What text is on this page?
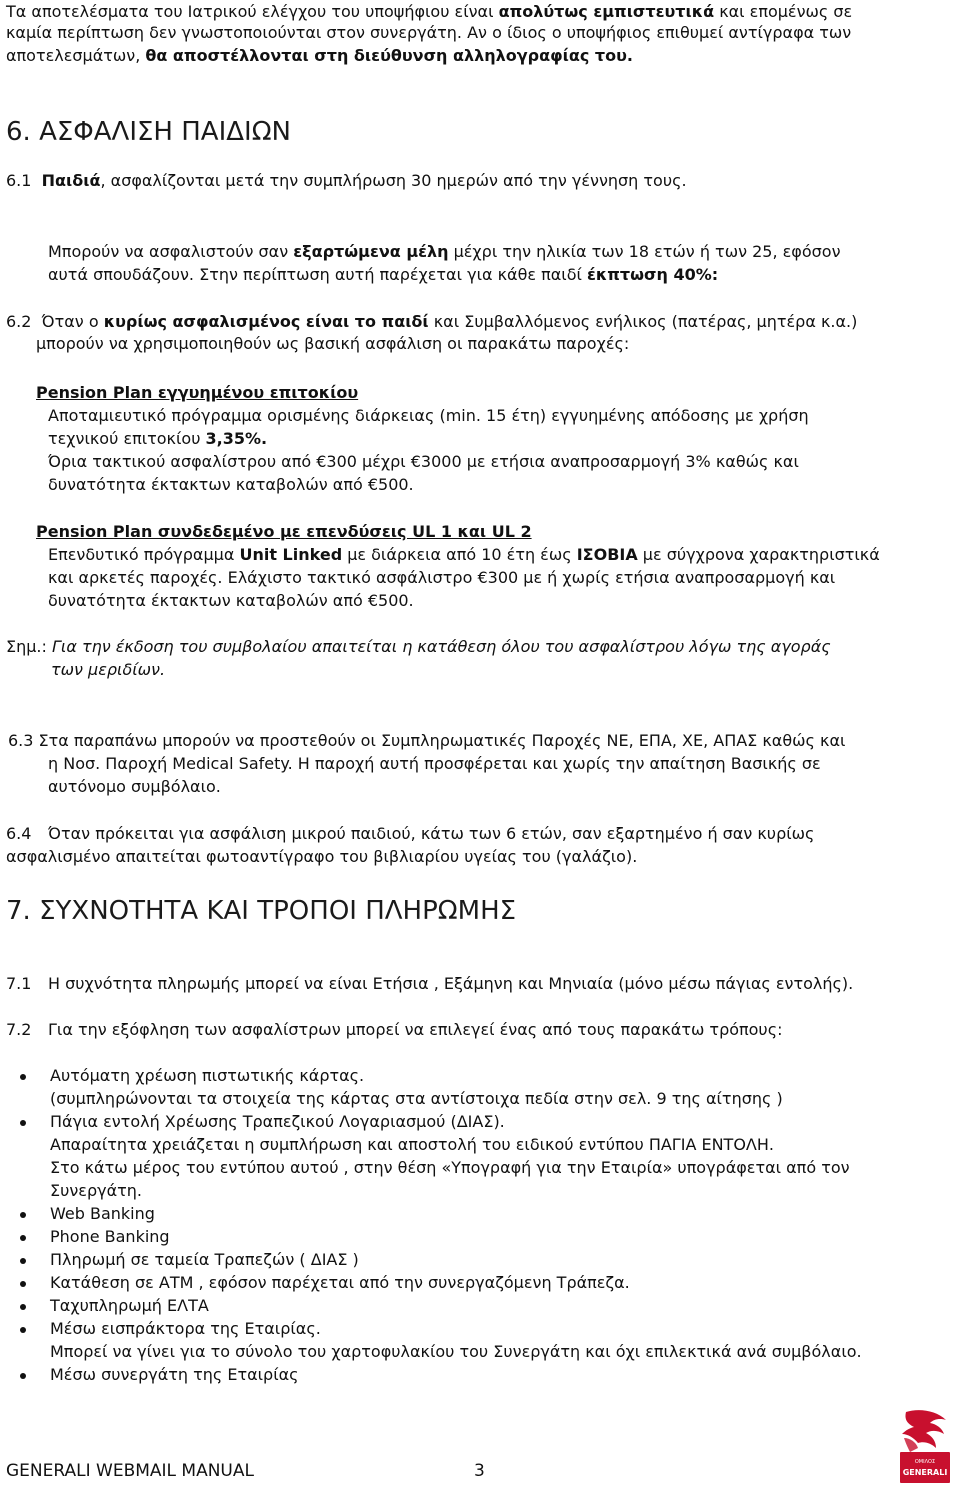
Τα αποτελέσματα του Ιατρικού ελέγχου του υποψήφιου είναι απολύτως εμπιστευτικά και επομένως σε
καμία περίπτωση δεν γνωστοποιούνται στον συνεργάτη. Αν ο ίδιος ο υποψήφιος επιθυμεί αντίγραφα των
αποτελεσμάτων, θα αποστέλλονται στη διεύθυνση αλληλογραφίας του.
6. ΑΣΦΑΛΙΣΗ ΠΑΙΔΙΩΝ
6.1 Παιδιά, ασφαλίζονται μετά την συμπλήρωση 30 ημερών από την γέννηση τους.
Μπορούν να ασφαλιστούν σαν εξαρτώμενα μέλη μέχρι την ηλικία των 18 ετών ή των 25, εφόσον
αυτά σπουδάζουν. Στην περίπτωση αυτή παρέχεται για κάθε παιδί έκπτωση 40%:
6.2 Όταν ο κυρίως ασφαλισμένος είναι το παιδί και Συμβαλλόμενος ενήλικος (πατέρας, μητέρα κ.α.)
μπορούν να χρησιμοποιηθούν ως βασική ασφάλιση οι παρακάτω παροχές:
Pension Plan εγγυημένου επιτοκίου
Αποταμιευτικό πρόγραμμα ορισμένης διάρκειας (min. 15 έτη) εγγυημένης απόδοσης με χρήση
τεχνικού επιτοκίου 3,35%.
Όρια τακτικού ασφαλίστρου από €300 μέχρι €3000 με ετήσια αναπροσαρμογή 3% καθώς και
δυνατότητα έκτακτων καταβολών από €500.
Pension Plan συνδεδεμένο με επενδύσεις UL 1 και UL 2
Επενδυτικό πρόγραμμα Unit Linked με διάρκεια από 10 έτη έως ΙΣΟΒΙΑ με σύγχρονα χαρακτηριστικά
και αρκετές παροχές. Ελάχιστο τακτικό ασφάλιστρο €300 με ή χωρίς ετήσια αναπροσαρμογή και
δυνατότητα έκτακτων καταβολών από €500.
Σημ.: Για την έκδοση του συμβολαίου απαιτείται η κατάθεση όλου του ασφαλίστρου λόγω της αγοράς
των μεριδίων.
6.3 Στα παραπάνω μπορούν να προστεθούν οι Συμπληρωματικές Παροχές ΝΕ, ΕΠΑ, ΧΕ, ΑΠΑΣ καθώς και
η Νοσ. Παροχή Medical Safety. Η παροχή αυτή προσφέρεται και χωρίς την απαίτηση Βασικής σε
αυτόνομο συμβόλαιο.
6.4 Όταν πρόκειται για ασφάλιση μικρού παιδιού, κάτω των 6 ετών, σαν εξαρτημένο ή σαν κυρίως
ασφαλισμένο απαιτείται φωτοαντίγραφο του βιβλιαρίου υγείας του (γαλάζιο).
7. ΣΥΧΝΟΤΗΤΑ ΚΑΙ ΤΡΟΠΟΙ ΠΛΗΡΩΜΗΣ
7.1 Η συχνότητα πληρωμής μπορεί να είναι Ετήσια , Εξάμηνη και Μηνιαία (μόνο μέσω πάγιας εντολής).
7.2 Για την εξόφληση των ασφαλίστρων μπορεί να επιλεγεί ένας από τους παρακάτω τρόπους:
Αυτόματη χρέωση πιστωτικής κάρτας.
(συμπληρώνονται τα στοιχεία της κάρτας στα αντίστοιχα πεδία στην σελ. 9 της αίτησης )
Πάγια εντολή Χρέωσης Τραπεζικού Λογαριασμού (ΔΙΑΣ).
Απαραίτητα χρειάζεται η συμπλήρωση και αποστολή του ειδικού εντύπου ΠΑΓΙΑ ΕΝΤΟΛΗ.
Στο κάτω μέρος του εντύπου αυτού , στην θέση «Υπογραφή για την Εταιρία» υπογράφεται από τον
Συνεργάτη.
Web Banking
Phone Banking
Πληρωμή σε ταμεία Τραπεζών ( ΔΙΑΣ )
Κατάθεση σε ΑΤΜ , εφόσον παρέχεται από την συνεργαζόμενη Τράπεζα.
Ταχυπληρωμή ΕΛΤΑ
Μέσω εισπράκτορα της Εταιρίας.
Μπορεί να γίνει για το σύνολο του χαρτοφυλακίου του Συνεργάτη και όχι επιλεκτικά ανά συμβόλαιο.
Μέσω συνεργάτη της Εταιρίας
GENERALI WEBMAIL MANUAL	3	OMIΛOΣ
GENERALI
